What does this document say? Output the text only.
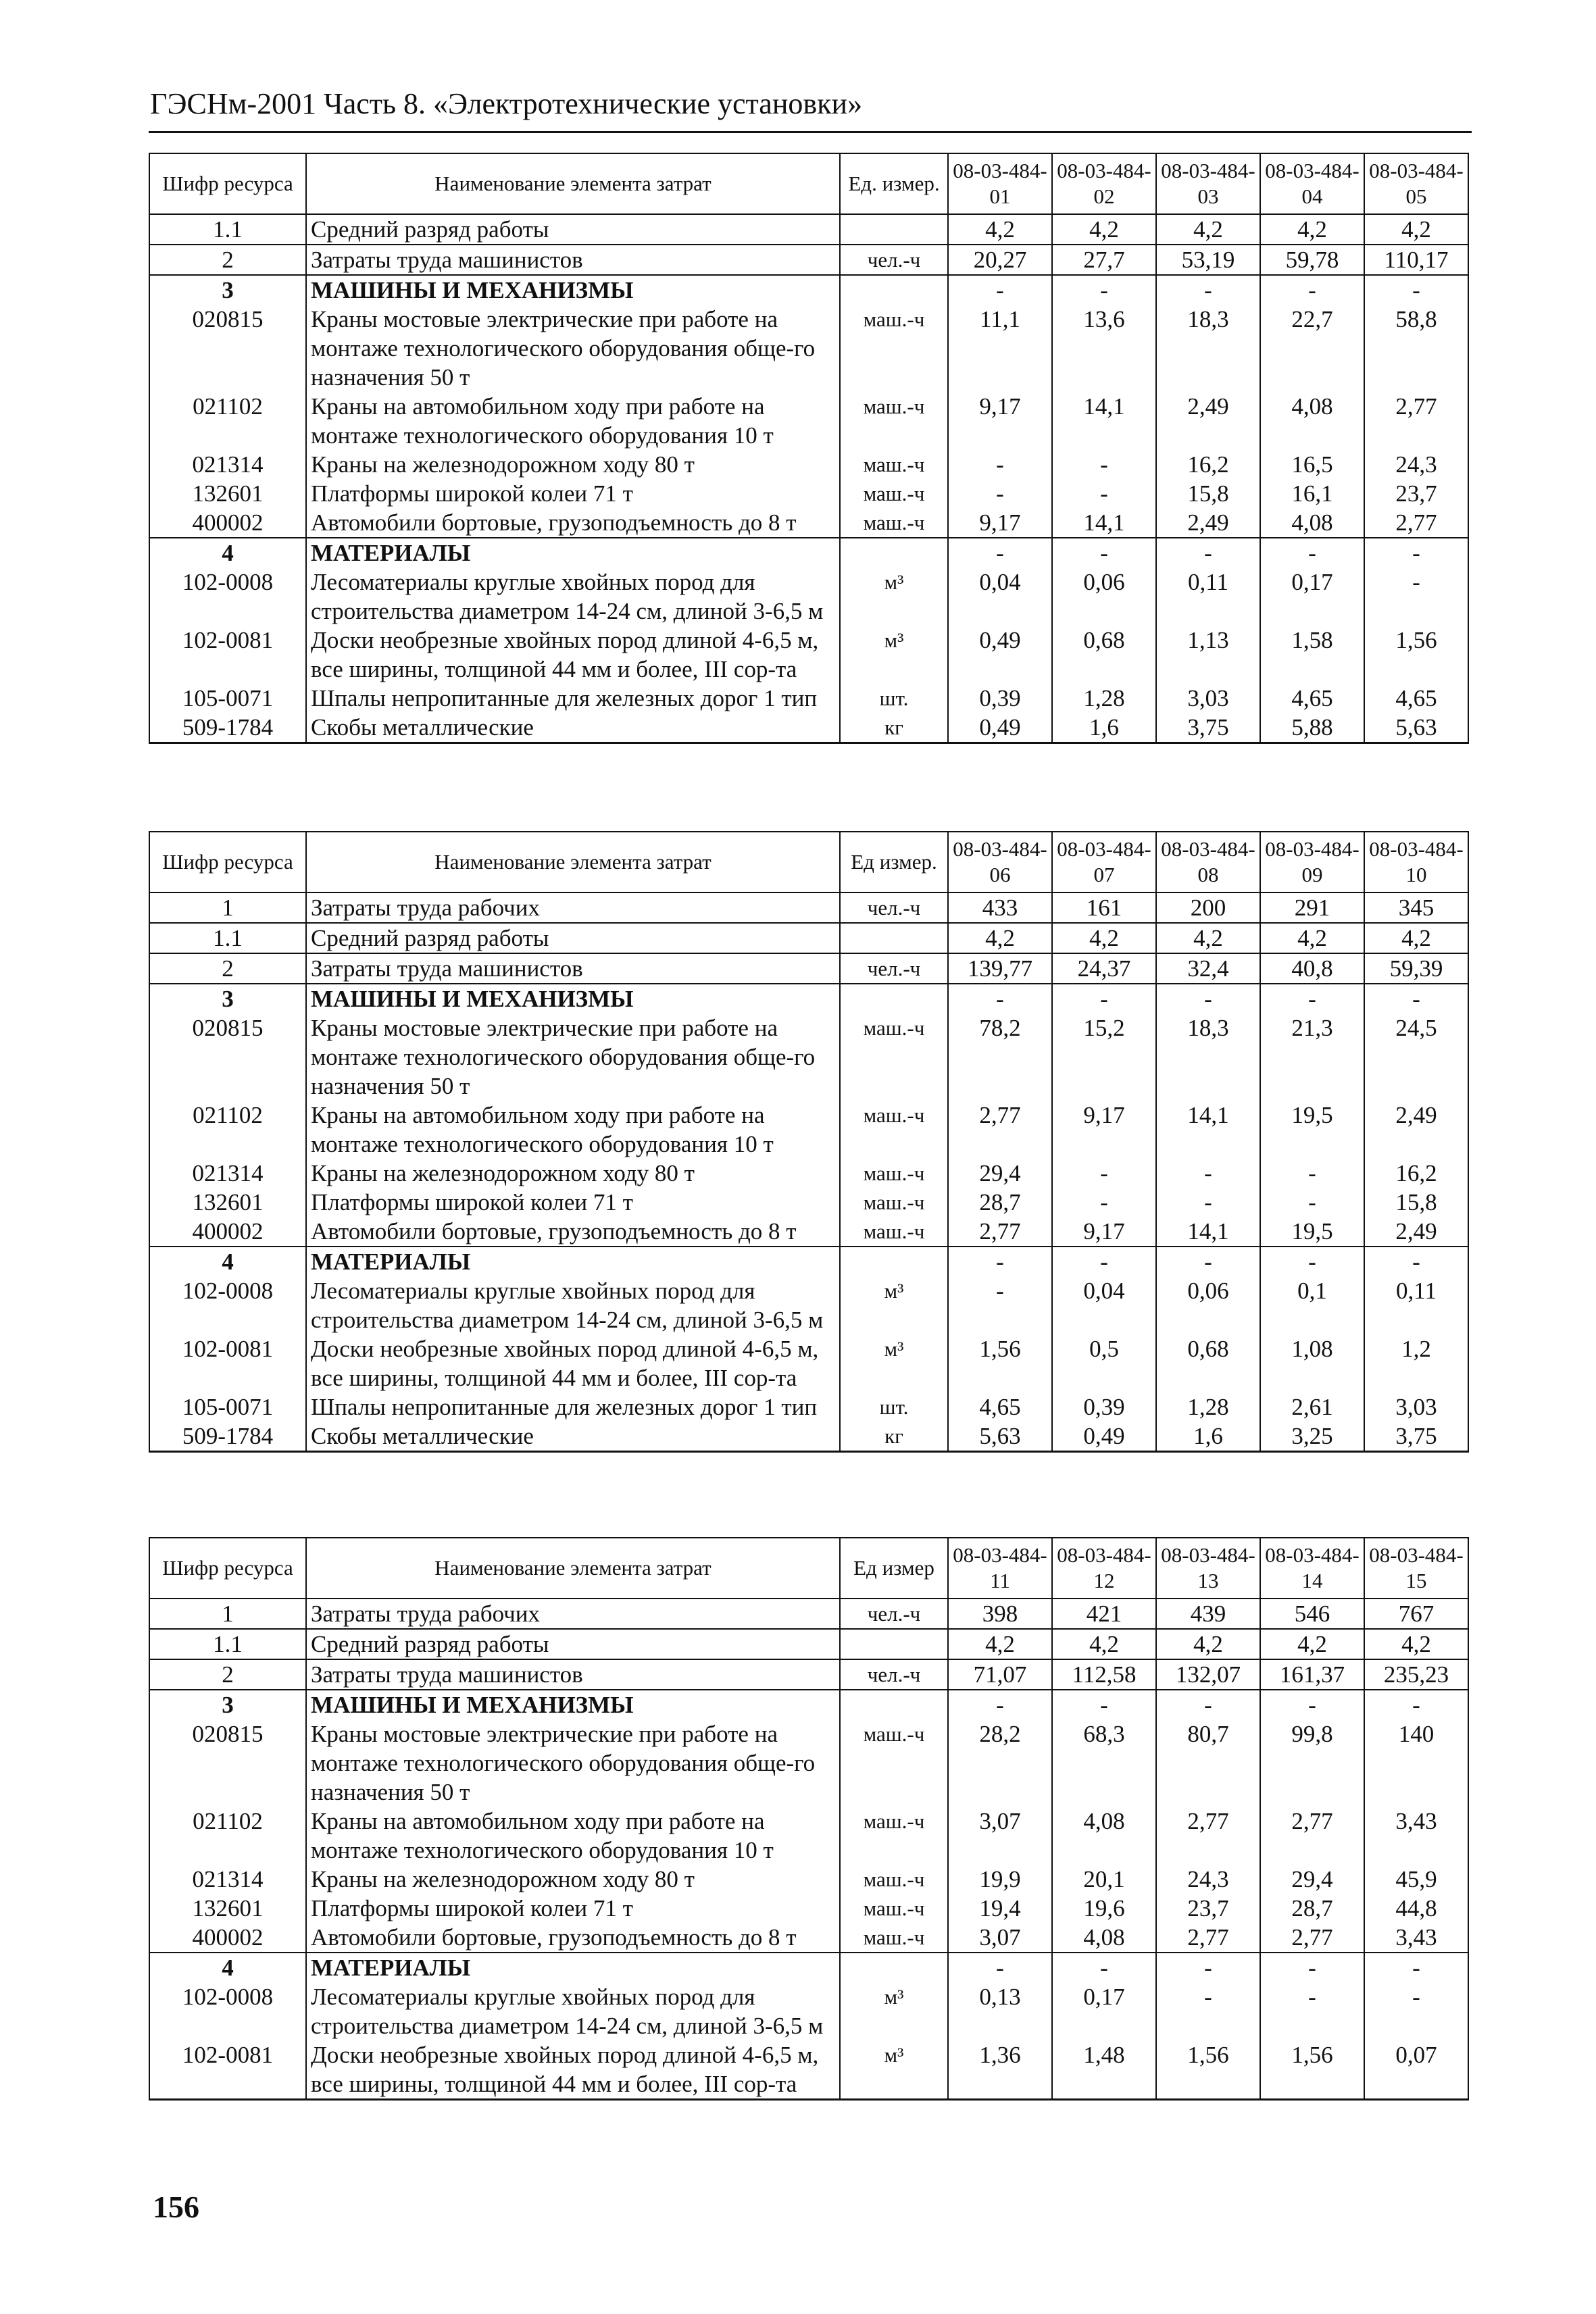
ГЭСНм-2001 Часть 8. «Электротехнические установки»
Шифр ресурса	Наименование элемента затрат	Ед. измер.	08-03-484-01	08-03-484-02	08-03-484-03	08-03-484-04	08-03-484-05
1.1	Средний разряд работы		4,2	4,2	4,2	4,2	4,2
2	Затраты труда машинистов	чел.-ч	20,27	27,7	53,19	59,78	110,17
3	МАШИНЫ И МЕХАНИЗМЫ		-	-	-	-	-
020815	Краны мостовые электрические при работе на монтаже технологического оборудования обще-го назначения 50 т	маш.-ч	11,1	13,6	18,3	22,7	58,8
021102	Краны на автомобильном ходу при работе на монтаже технологического оборудования 10 т	маш.-ч	9,17	14,1	2,49	4,08	2,77
021314	Краны на железнодорожном ходу 80 т	маш.-ч	-	-	16,2	16,5	24,3
132601	Платформы широкой колеи 71 т	маш.-ч	-	-	15,8	16,1	23,7
400002	Автомобили бортовые, грузоподъемность до 8 т	маш.-ч	9,17	14,1	2,49	4,08	2,77
4	МАТЕРИАЛЫ		-	-	-	-	-
102-0008	Лесоматериалы круглые хвойных пород для строительства диаметром 14-24 см, длиной 3-6,5 м	м³	0,04	0,06	0,11	0,17	-
102-0081	Доски необрезные хвойных пород длиной 4-6,5 м, все ширины, толщиной 44 мм и более, III сор-та	м³	0,49	0,68	1,13	1,58	1,56
105-0071	Шпалы непропитанные для железных дорог 1 тип	шт.	0,39	1,28	3,03	4,65	4,65
509-1784	Скобы металлические	кг	0,49	1,6	3,75	5,88	5,63
Шифр ресурса	Наименование элемента затрат	Ед измер.	08-03-484-06	08-03-484-07	08-03-484-08	08-03-484-09	08-03-484-10
1	Затраты труда рабочих	чел.-ч	433	161	200	291	345
1.1	Средний разряд работы		4,2	4,2	4,2	4,2	4,2
2	Затраты труда машинистов	чел.-ч	139,77	24,37	32,4	40,8	59,39
3	МАШИНЫ И МЕХАНИЗМЫ		-	-	-	-	-
020815	Краны мостовые электрические при работе на монтаже технологического оборудования обще-го назначения 50 т	маш.-ч	78,2	15,2	18,3	21,3	24,5
021102	Краны на автомобильном ходу при работе на монтаже технологического оборудования 10 т	маш.-ч	2,77	9,17	14,1	19,5	2,49
021314	Краны на железнодорожном ходу 80 т	маш.-ч	29,4	-	-	-	16,2
132601	Платформы широкой колеи 71 т	маш.-ч	28,7	-	-	-	15,8
400002	Автомобили бортовые, грузоподъемность до 8 т	маш.-ч	2,77	9,17	14,1	19,5	2,49
4	МАТЕРИАЛЫ		-	-	-	-	-
102-0008	Лесоматериалы круглые хвойных пород для строительства диаметром 14-24 см, длиной 3-6,5 м	м³	-	0,04	0,06	0,1	0,11
102-0081	Доски необрезные хвойных пород длиной 4-6,5 м, все ширины, толщиной 44 мм и более, III сор-та	м³	1,56	0,5	0,68	1,08	1,2
105-0071	Шпалы непропитанные для железных дорог 1 тип	шт.	4,65	0,39	1,28	2,61	3,03
509-1784	Скобы металлические	кг	5,63	0,49	1,6	3,25	3,75
Шифр ресурса	Наименование элемента затрат	Ед измер	08-03-484-11	08-03-484-12	08-03-484-13	08-03-484-14	08-03-484-15
1	Затраты труда рабочих	чел.-ч	398	421	439	546	767
1.1	Средний разряд работы		4,2	4,2	4,2	4,2	4,2
2	Затраты труда машинистов	чел.-ч	71,07	112,58	132,07	161,37	235,23
3	МАШИНЫ И МЕХАНИЗМЫ		-	-	-	-	-
020815	Краны мостовые электрические при работе на монтаже технологического оборудования обще-го назначения 50 т	маш.-ч	28,2	68,3	80,7	99,8	140
021102	Краны на автомобильном ходу при работе на монтаже технологического оборудования 10 т	маш.-ч	3,07	4,08	2,77	2,77	3,43
021314	Краны на железнодорожном ходу 80 т	маш.-ч	19,9	20,1	24,3	29,4	45,9
132601	Платформы широкой колеи 71 т	маш.-ч	19,4	19,6	23,7	28,7	44,8
400002	Автомобили бортовые, грузоподъемность до 8 т	маш.-ч	3,07	4,08	2,77	2,77	3,43
4	МАТЕРИАЛЫ		-	-	-	-	-
102-0008	Лесоматериалы круглые хвойных пород для строительства диаметром 14-24 см, длиной 3-6,5 м	м³	0,13	0,17	-	-	-
102-0081	Доски необрезные хвойных пород длиной 4-6,5 м, все ширины, толщиной 44 мм и более, III сор-та	м³	1,36	1,48	1,56	1,56	0,07
156
